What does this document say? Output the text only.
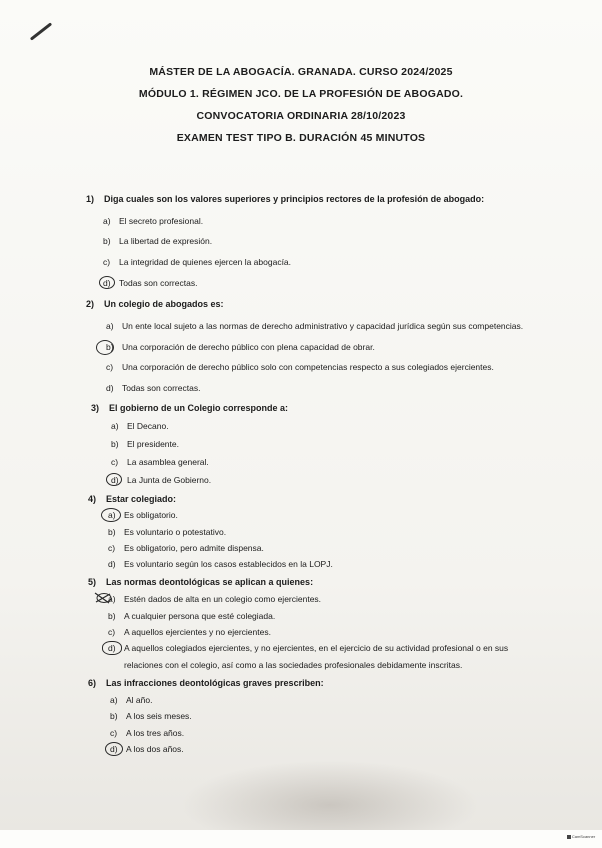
MÁSTER DE LA ABOGACÍA. GRANADA. CURSO 2024/2025
MÓDULO 1. RÉGIMEN JCO. DE LA PROFESIÓN DE ABOGADO.
CONVOCATORIA ORDINARIA 28/10/2023
EXAMEN TEST TIPO B. DURACIÓN 45 MINUTOS
1) Diga cuales son los valores superiores y principios rectores de la profesión de abogado:
a) El secreto profesional.
b) La libertad de expresión.
c) La integridad de quienes ejercen la abogacía.
d) Todas son correctas.
2) Un colegio de abogados es:
a) Un ente local sujeto a las normas de derecho administrativo y capacidad jurídica según sus competencias.
b) Una corporación de derecho público con plena capacidad de obrar.
c) Una corporación de derecho público solo con competencias respecto a sus colegiados ejercientes.
d) Todas son correctas.
3) El gobierno de un Colegio corresponde a:
a) El Decano.
b) El presidente.
c) La asamblea general.
d) La Junta de Gobierno.
4) Estar colegiado:
a) Es obligatorio.
b) Es voluntario o potestativo.
c) Es obligatorio, pero admite dispensa.
d) Es voluntario según los casos establecidos en la LOPJ.
5) Las normas deontológicas se aplican a quienes:
a) Estén dados de alta en un colegio como ejercientes.
b) A cualquier persona que esté colegiada.
c) A aquellos ejercientes y no ejercientes.
d) A aquellos colegiados ejercientes, y no ejercientes, en el ejercicio de su actividad profesional o en sus
relaciones con el colegio, así como a las sociedades profesionales debidamente inscritas.
6) Las infracciones deontológicas graves prescriben:
a) Al año.
b) A los seis meses.
c) A los tres años.
d) A los dos años.
CamScanner
